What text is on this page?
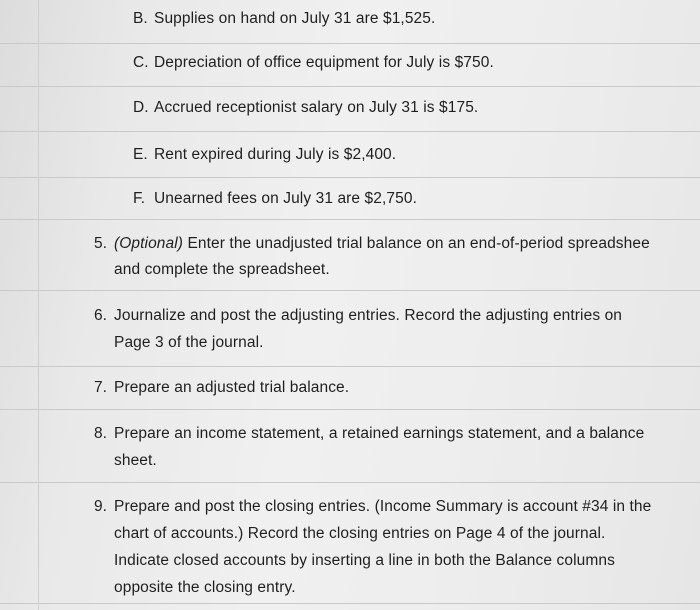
B. Supplies on hand on July 31 are $1,525.
C. Depreciation of office equipment for July is $750.
D. Accrued receptionist salary on July 31 is $175.
E. Rent expired during July is $2,400.
F. Unearned fees on July 31 are $2,750.
5. (Optional) Enter the unadjusted trial balance on an end-of-period spreadshee
and complete the spreadsheet.
6. Journalize and post the adjusting entries. Record the adjusting entries on
Page 3 of the journal.
7. Prepare an adjusted trial balance.
8. Prepare an income statement, a retained earnings statement, and a balance
sheet.
9. Prepare and post the closing entries. (Income Summary is account #34 in the
chart of accounts.) Record the closing entries on Page 4 of the journal.
Indicate closed accounts by inserting a line in both the Balance columns
opposite the closing entry.
